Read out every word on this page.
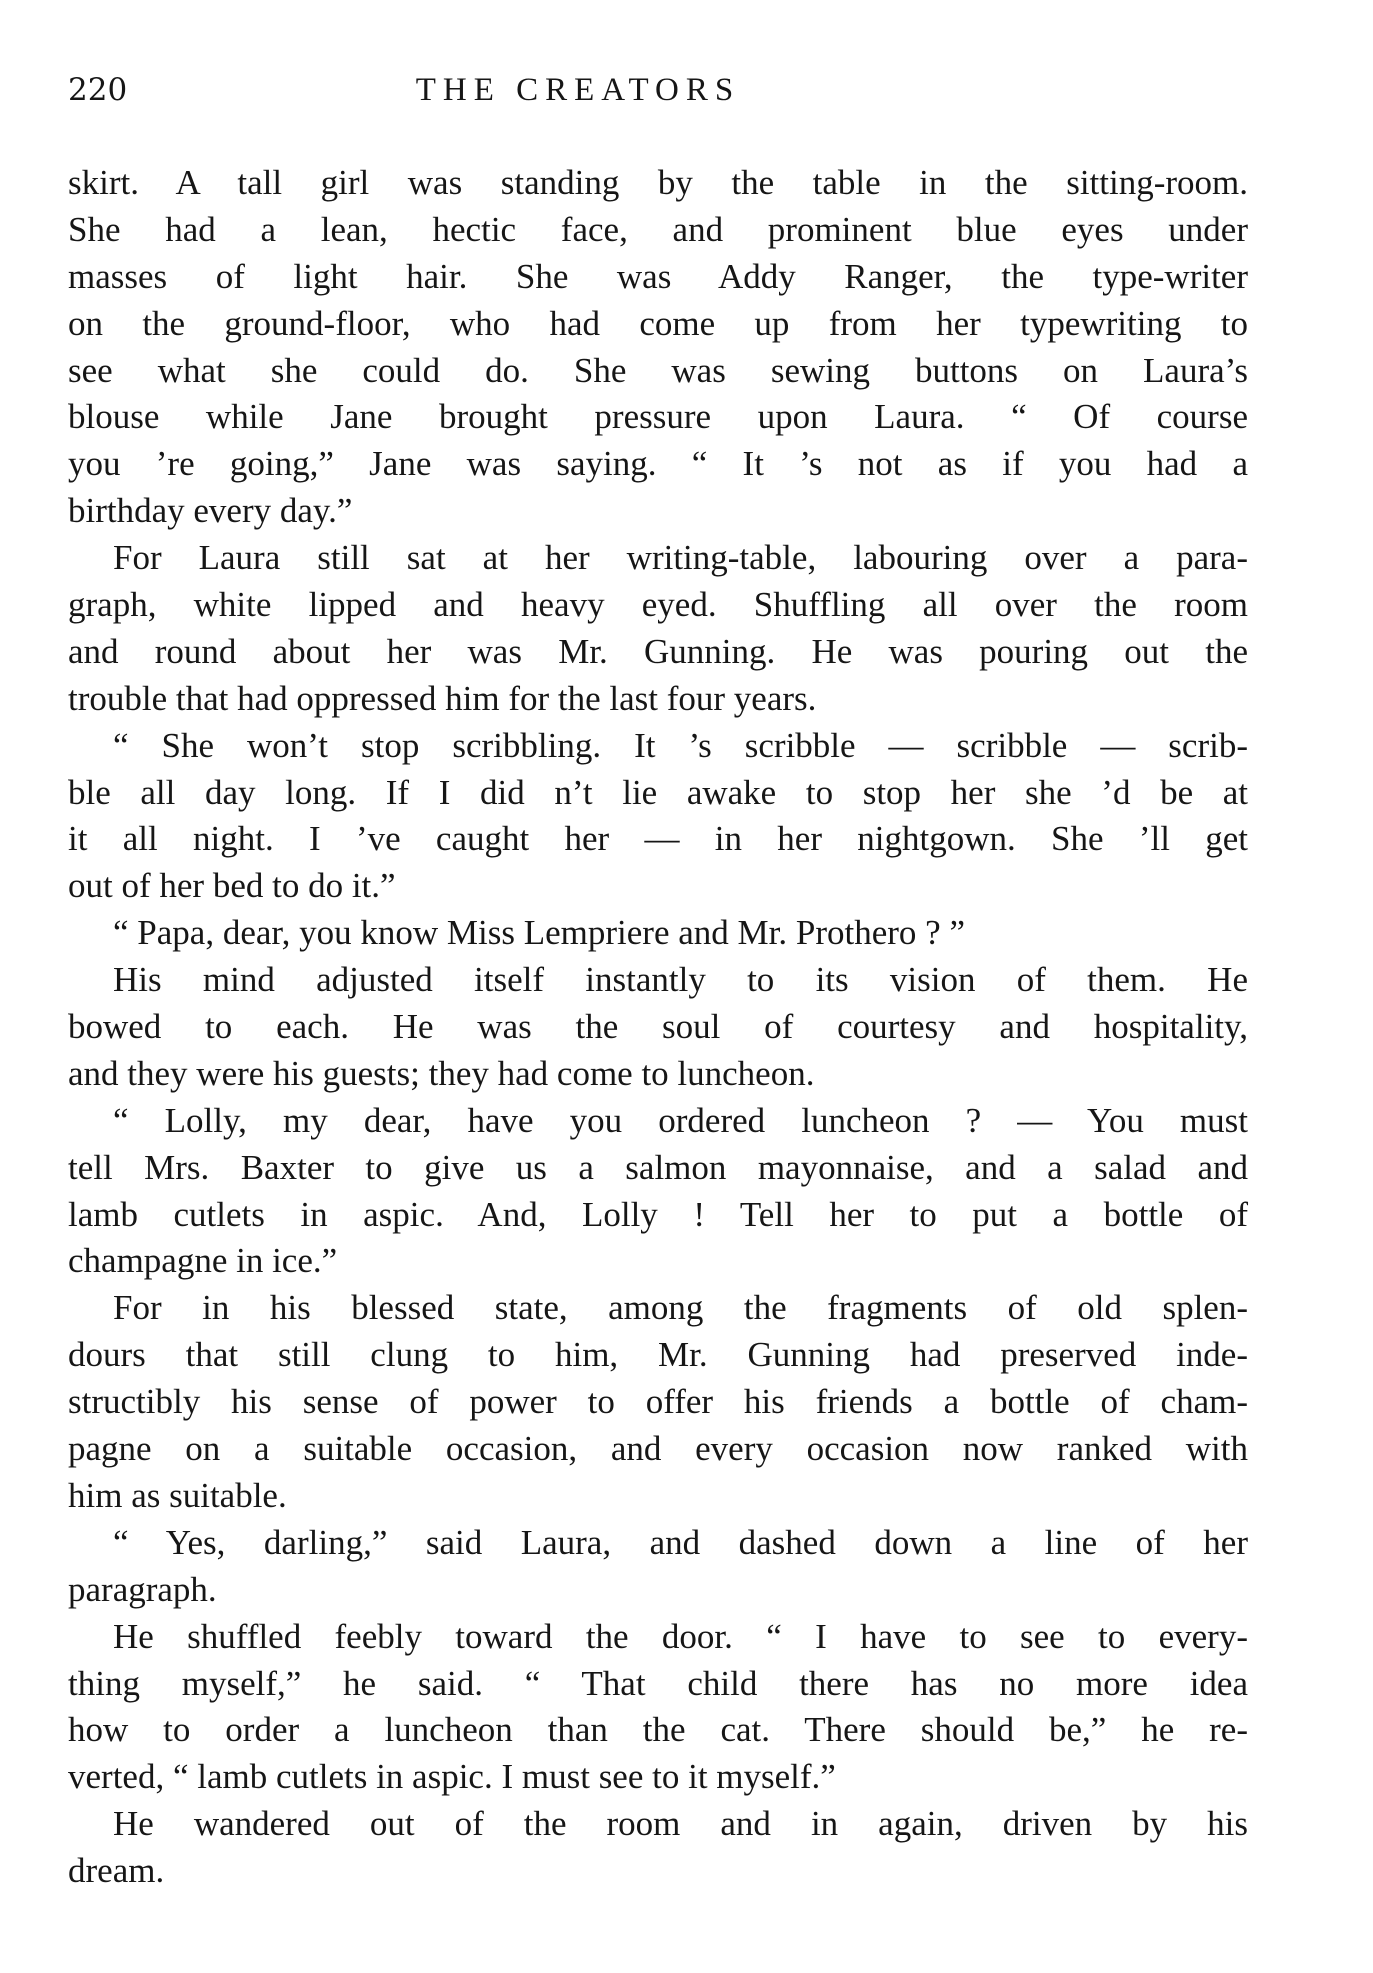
220	THE CREATORS
skirt. A tall girl was standing by the table in the sitting-room.
She had a lean, hectic face, and prominent blue eyes under
masses of light hair. She was Addy Ranger, the type-writer
on the ground-floor, who had come up from her typewriting to
see what she could do. She was sewing buttons on Laura’s
blouse while Jane brought pressure upon Laura. “ Of course
you ’re going,” Jane was saying. “ It ’s not as if you had a
birthday every day.”
For Laura still sat at her writing-table, labouring over a para-
graph, white lipped and heavy eyed. Shuffling all over the room
and round about her was Mr. Gunning. He was pouring out the
trouble that had oppressed him for the last four years.
“ She won’t stop scribbling. It ’s scribble — scribble — scrib-
ble all day long. If I did n’t lie awake to stop her she ’d be at
it all night. I ’ve caught her — in her nightgown. She ’ll get
out of her bed to do it.”
“ Papa, dear, you know Miss Lempriere and Mr. Prothero ? ”
His mind adjusted itself instantly to its vision of them. He
bowed to each. He was the soul of courtesy and hospitality,
and they were his guests; they had come to luncheon.
“ Lolly, my dear, have you ordered luncheon ? — You must
tell Mrs. Baxter to give us a salmon mayonnaise, and a salad and
lamb cutlets in aspic. And, Lolly ! Tell her to put a bottle of
champagne in ice.”
For in his blessed state, among the fragments of old splen-
dours that still clung to him, Mr. Gunning had preserved inde-
structibly his sense of power to offer his friends a bottle of cham-
pagne on a suitable occasion, and every occasion now ranked with
him as suitable.
“ Yes, darling,” said Laura, and dashed down a line of her
paragraph.
He shuffled feebly toward the door. “ I have to see to every-
thing myself,” he said. “ That child there has no more idea
how to order a luncheon than the cat. There should be,” he re-
verted, “ lamb cutlets in aspic. I must see to it myself.”
He wandered out of the room and in again, driven by his
dream.
